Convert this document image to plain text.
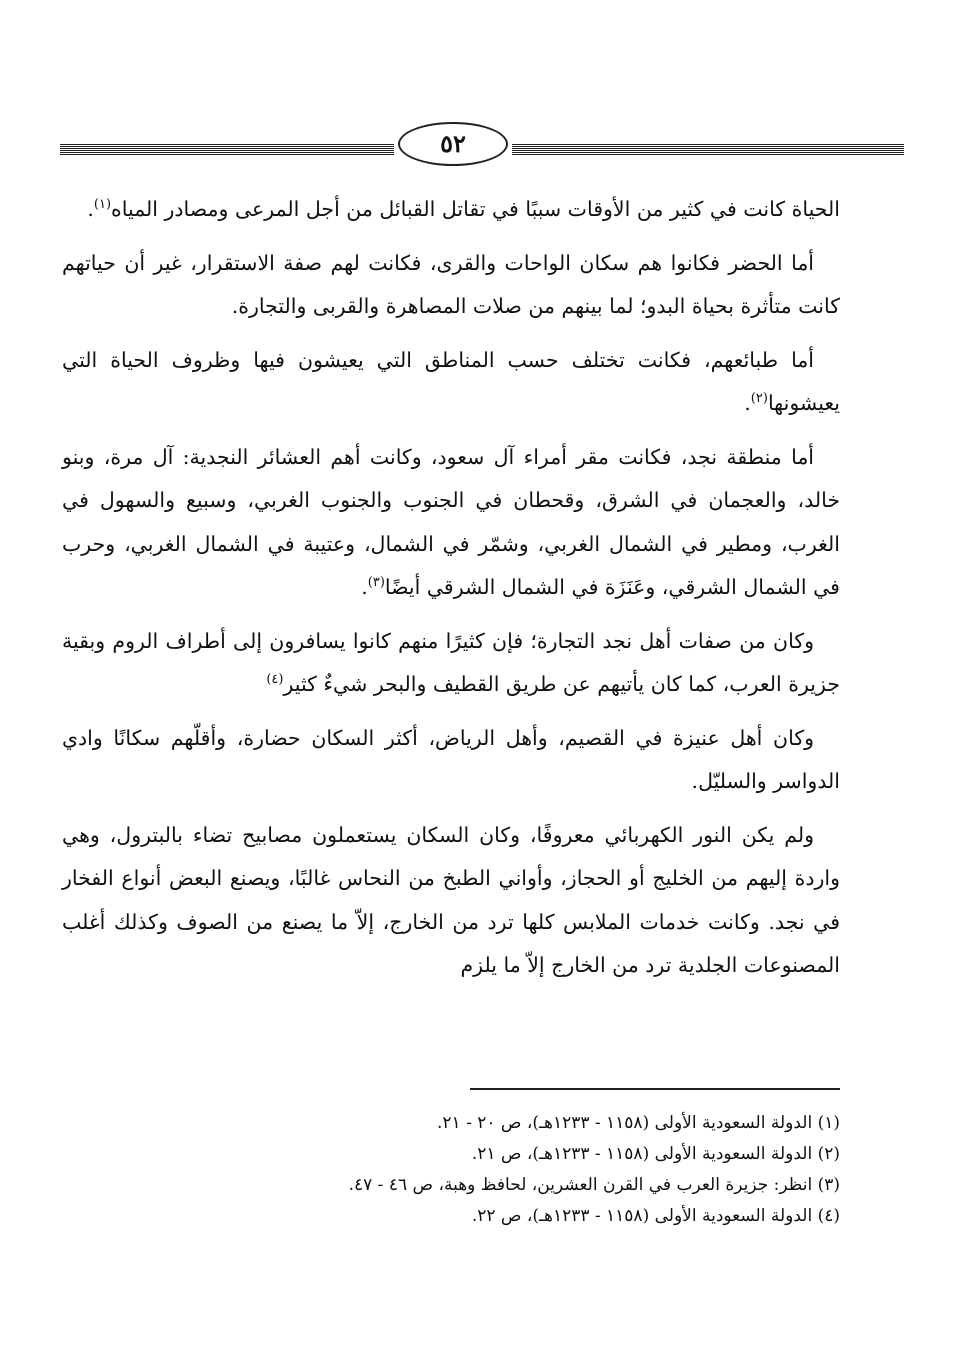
٥٢

الحياة كانت في كثير من الأوقات سببًا في تقاتل القبائل من أجل المرعى ومصادر المياه$^{(١)}$.

أما الحضر فكانوا هم سكان الواحات والقرى، فكانت لهم صفة الاستقرار، غير أن حياتهم كانت متأثرة بحياة البدو؛ لما بينهم من صلات المصاهرة والقربى والتجارة.

أما طبائعهم، فكانت تختلف حسب المناطق التي يعيشون فيها وظروف الحياة التي يعيشونها$^{(٢)}$.

أما منطقة نجد، فكانت مقر أمراء آل سعود، وكانت أهم العشائر النجدية: آل مرة، وبنو خالد، والعجمان في الشرق، وقحطان في الجنوب والجنوب الغربي، وسبيع والسهول في الغرب، ومطير في الشمال الغربي، وشمّر في الشمال، وعتيبة في الشمال الغربي، وحرب في الشمال الشرقي، وعَنَزَة في الشمال الشرقي أيضًا$^{(٣)}$.

وكان من صفات أهل نجد التجارة؛ فإن كثيرًا منهم كانوا يسافرون إلى أطراف الروم وبقية جزيرة العرب، كما كان يأتيهم عن طريق القطيف والبحر شيءٌ كثير$^{(٤)}$

وكان أهل عنيزة في القصيم، وأهل الرياض، أكثر السكان حضارة، وأقلّهم سكانًا وادي الدواسر والسليّل.

ولم يكن النور الكهربائي معروفًا، وكان السكان يستعملون مصابيح تضاء بالبترول، وهي واردة إليهم من الخليج أو الحجاز، وأواني الطبخ من النحاس غالبًا، ويصنع البعض أنواع الفخار في نجد. وكانت خدمات الملابس كلها ترد من الخارج، إلاّ ما يصنع من الصوف وكذلك أغلب المصنوعات الجلدية ترد من الخارج إلاّ ما يلزم

(١) الدولة السعودية الأولى (١١٥٨ - ١٢٣٣هـ)، ص ٢٠ - ٢١.
(٢) الدولة السعودية الأولى (١١٥٨ - ١٢٣٣هـ)، ص ٢١.
(٣) انظر: جزيرة العرب في القرن العشرين، لحافظ وهبة، ص ٤٦ - ٤٧.
(٤) الدولة السعودية الأولى (١١٥٨ - ١٢٣٣هـ)، ص ٢٢.
